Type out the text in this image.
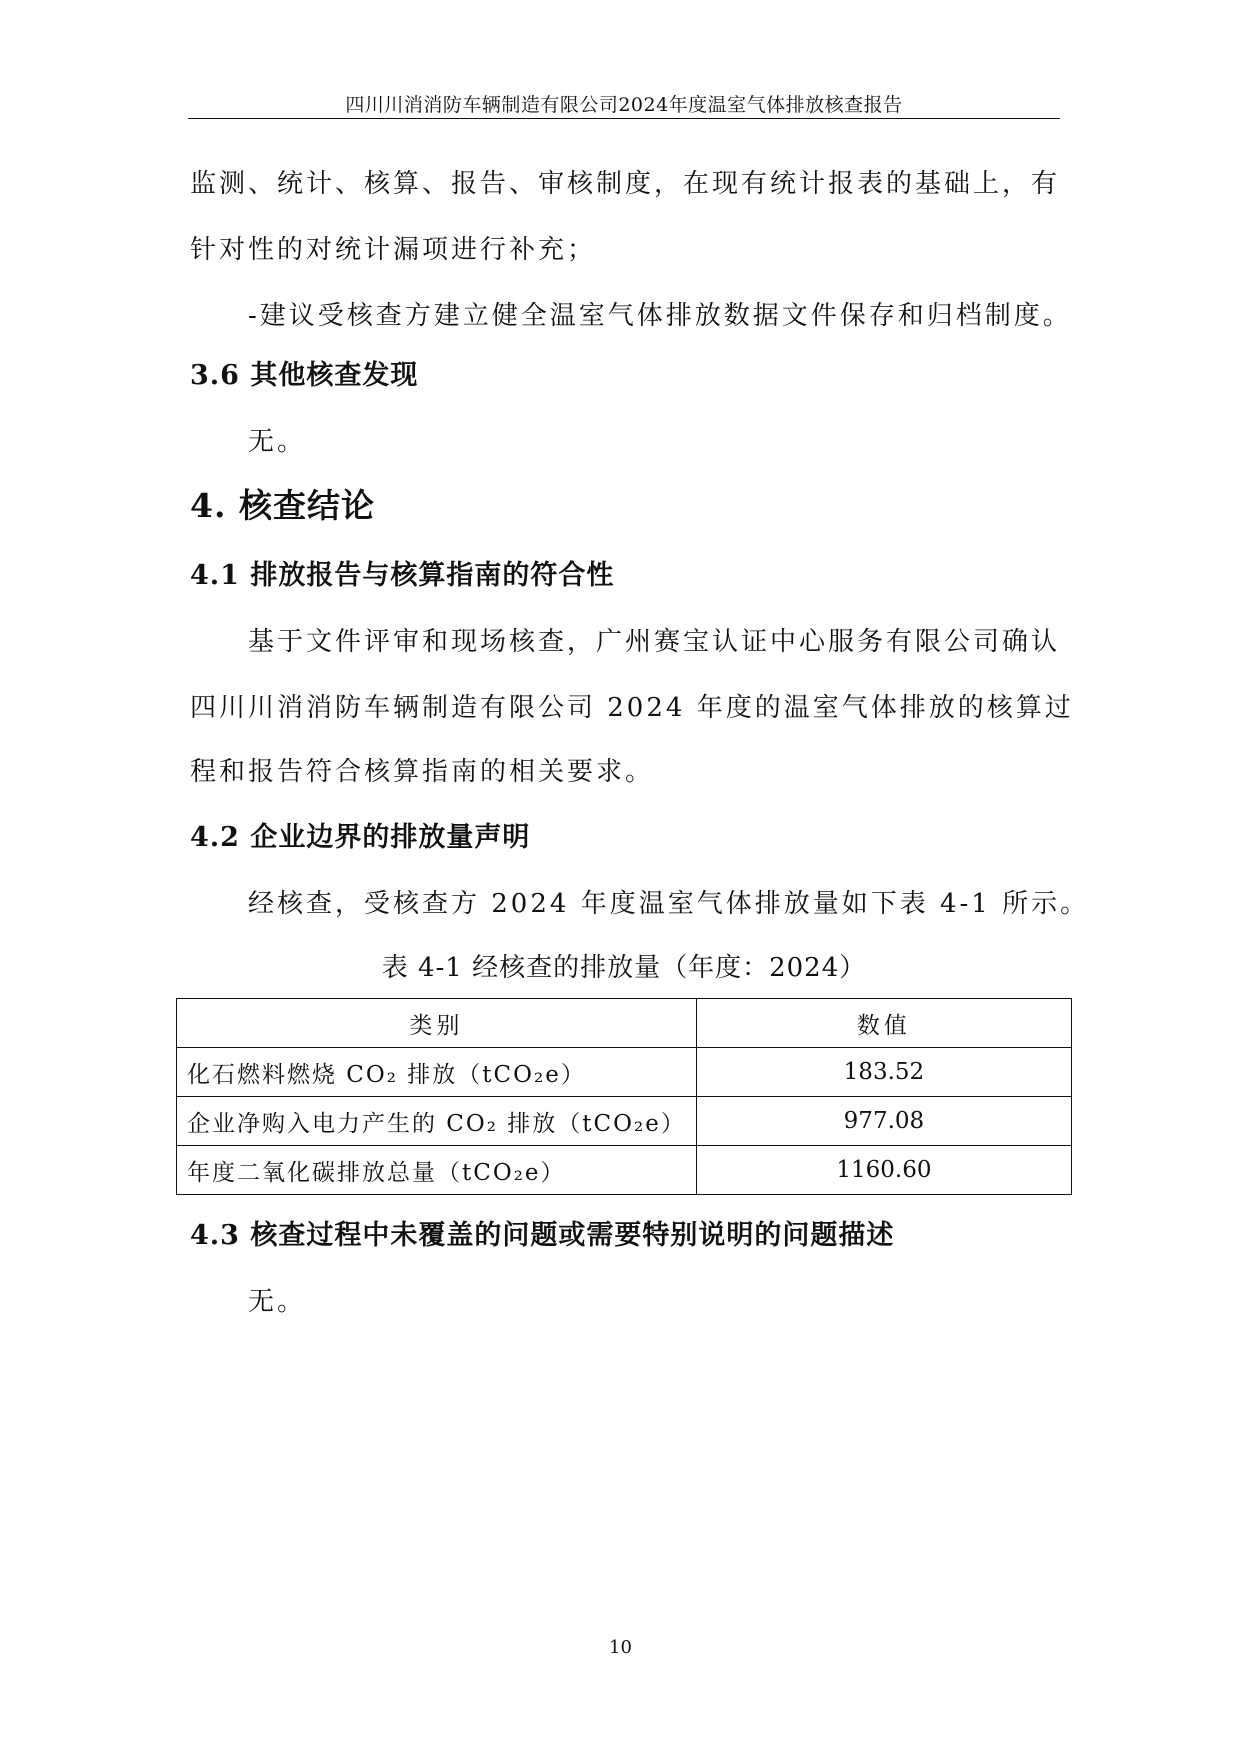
四川川消消防车辆制造有限公司2024年度温室气体排放核查报告
监测、统计、核算、报告、审核制度，在现有统计报表的基础上，有
针对性的对统计漏项进行补充；
-建议受核查方建立健全温室气体排放数据文件保存和归档制度。
3.6 其他核查发现
无。
4. 核查结论
4.1 排放报告与核算指南的符合性
基于文件评审和现场核查，广州赛宝认证中心服务有限公司确认
四川川消消防车辆制造有限公司 2024 年度的温室气体排放的核算过
程和报告符合核算指南的相关要求。
4.2 企业边界的排放量声明
经核查，受核查方 2024 年度温室气体排放量如下表 4-1 所示。
表 4-1 经核查的排放量（年度：2024）
类别	数值
化石燃料燃烧 CO₂ 排放（tCO₂e）	183.52
企业净购入电力产生的 CO₂ 排放（tCO₂e）	977.08
年度二氧化碳排放总量（tCO₂e）	1160.60
4.3 核查过程中未覆盖的问题或需要特别说明的问题描述
无。
10
